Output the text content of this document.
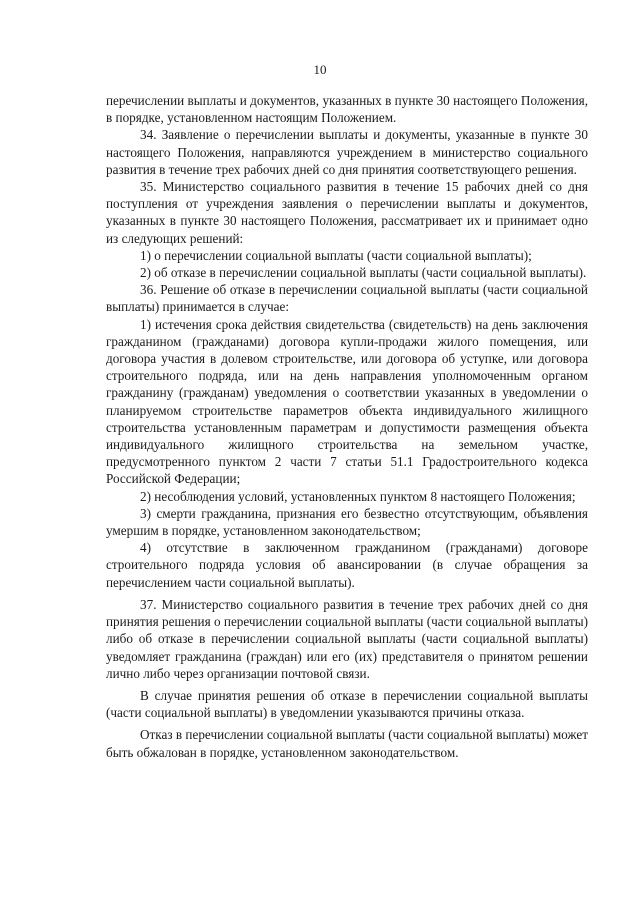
10

перечислении выплаты и документов, указанных в пункте 30 настоящего Положения, в порядке, установленном настоящим Положением.

34. Заявление о перечислении выплаты и документы, указанные в пункте 30 настоящего Положения, направляются учреждением в министерство социального развития в течение трех рабочих дней со дня принятия соответствующего решения.

35. Министерство социального развития в течение 15 рабочих дней со дня поступления от учреждения заявления о перечислении выплаты и документов, указанных в пункте 30 настоящего Положения, рассматривает их и принимает одно из следующих решений:

1) о перечислении социальной выплаты (части социальной выплаты);

2) об отказе в перечислении социальной выплаты (части социальной выплаты).

36. Решение об отказе в перечислении социальной выплаты (части социальной выплаты) принимается в случае:

1) истечения срока действия свидетельства (свидетельств) на день заключения гражданином (гражданами) договора купли-продажи жилого помещения, или договора участия в долевом строительстве, или договора об уступке, или договора строительного подряда, или на день направления уполномоченным органом гражданину (гражданам) уведомления о соответствии указанных в уведомлении о планируемом строительстве параметров объекта индивидуального жилищного строительства установленным параметрам и допустимости размещения объекта индивидуального жилищного строительства на земельном участке, предусмотренного пунктом 2 части 7 статьи 51.1 Градостроительного кодекса Российской Федерации;

2) несоблюдения условий, установленных пунктом 8 настоящего Положения;

3) смерти гражданина, признания его безвестно отсутствующим, объявления умершим в порядке, установленном законодательством;

4) отсутствие в заключенном гражданином (гражданами) договоре строительного подряда условия об авансировании (в случае обращения за перечислением части социальной выплаты).

37. Министерство социального развития в течение трех рабочих дней со дня принятия решения о перечислении социальной выплаты (части социальной выплаты) либо об отказе в перечислении социальной выплаты (части социальной выплаты) уведомляет гражданина (граждан) или его (их) представителя о принятом решении лично либо через организации почтовой связи.

В случае принятия решения об отказе в перечислении социальной выплаты (части социальной выплаты) в уведомлении указываются причины отказа.

Отказ в перечислении социальной выплаты (части социальной выплаты) может быть обжалован в порядке, установленном законодательством.
